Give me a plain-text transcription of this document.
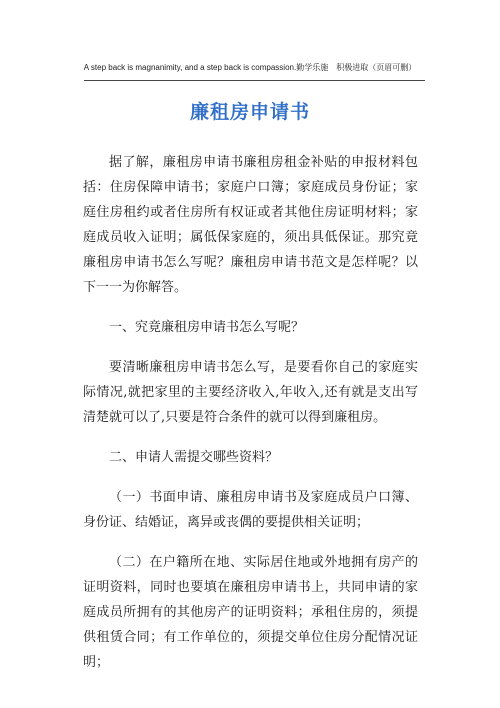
A step back is magnanimity, and a step back is compassion.勤学乐施　积极进取（页眉可删）
廉租房申请书

据了解，廉租房申请书廉租房租金补贴的申报材料包括：住房保障申请书；家庭户口簿；家庭成员身份证；家庭住房租约或者住房所有权证或者其他住房证明材料；家庭成员收入证明；属低保家庭的，须出具低保证。那究竟廉租房申请书怎么写呢？廉租房申请书范文是怎样呢？以下一一为你解答。

一、究竟廉租房申请书怎么写呢？

要清晰廉租房申请书怎么写，是要看你自己的家庭实际情况,就把家里的主要经济收入,年收入,还有就是支出写清楚就可以了,只要是符合条件的就可以得到廉租房。

二、申请人需提交哪些资料？

（一）书面申请、廉租房申请书及家庭成员户口簿、身份证、结婚证，离异或丧偶的要提供相关证明；

（二）在户籍所在地、实际居住地或外地拥有房产的证明资料，同时也要填在廉租房申请书上，共同申请的家庭成员所拥有的其他房产的证明资料；承租住房的，须提供租赁合同；有工作单位的，须提交单位住房分配情况证明；
